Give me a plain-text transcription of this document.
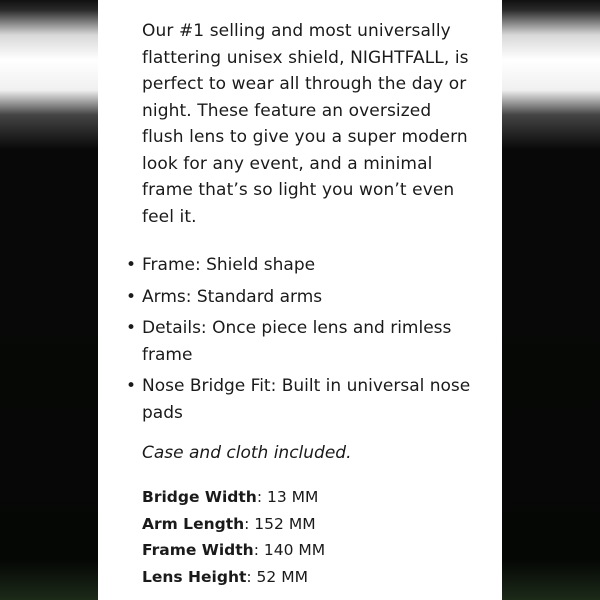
Our #1 selling and most universally flattering unisex shield, NIGHTFALL, is perfect to wear all through the day or night. These feature an oversized flush lens to give you a super modern look for any event, and a minimal frame that’s so light you won’t even feel it.

• Frame: Shield shape
• Arms: Standard arms
• Details: Once piece lens and rimless frame
• Nose Bridge Fit: Built in universal nose pads

Case and cloth included.

Bridge Width: 13 MM
Arm Length: 152 MM
Frame Width: 140 MM
Lens Height: 52 MM
